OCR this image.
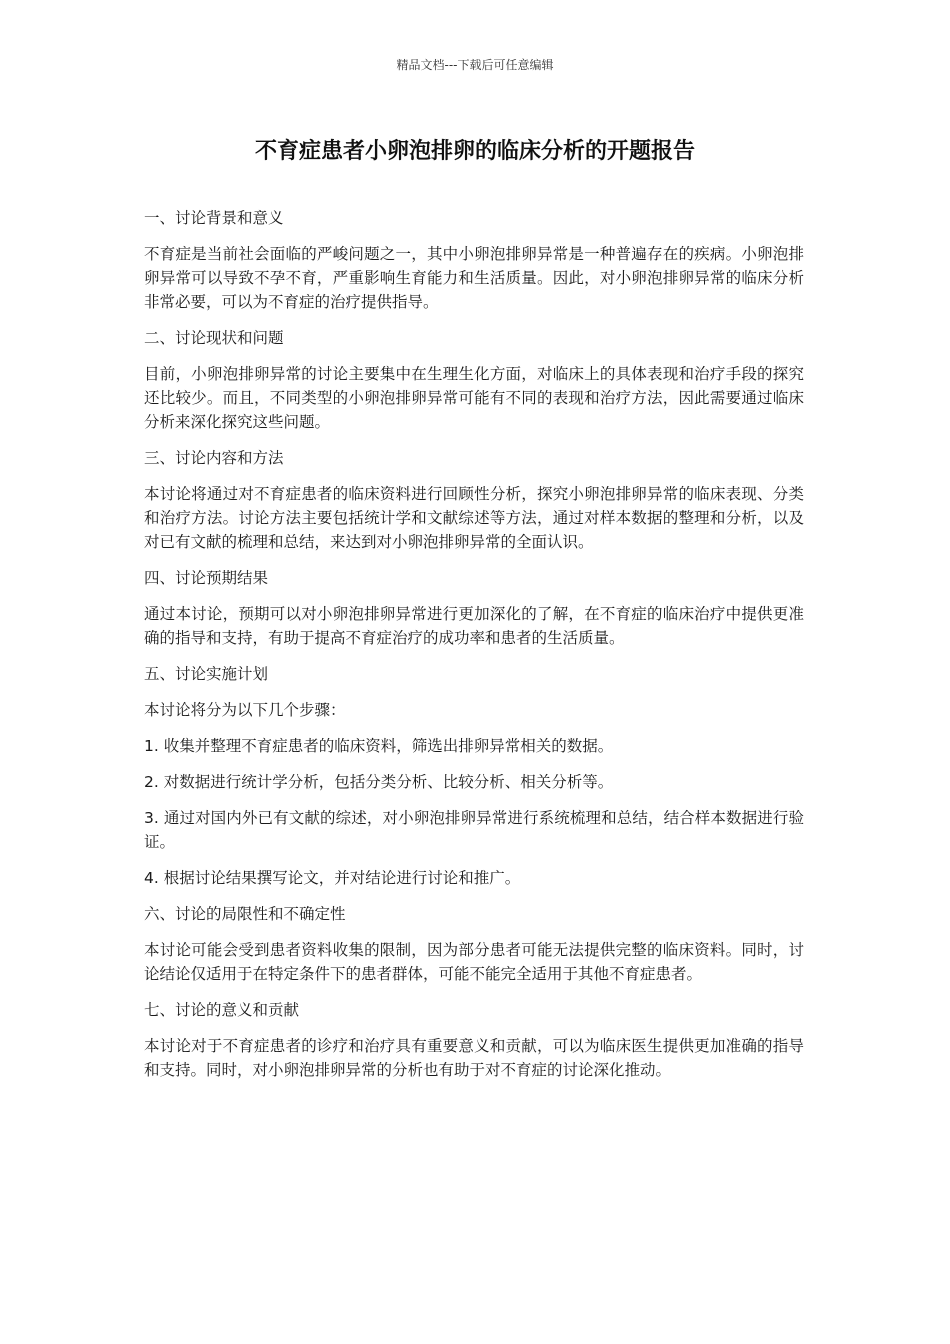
精品文档---下载后可任意编辑
不育症患者小卵泡排卵的临床分析的开题报告

一、讨论背景和意义

不育症是当前社会面临的严峻问题之一，其中小卵泡排卵异常是一种普遍存在的疾病。小卵泡排卵异常可以导致不孕不育，严重影响生育能力和生活质量。因此，对小卵泡排卵异常的临床分析非常必要，可以为不育症的治疗提供指导。

二、讨论现状和问题

目前，小卵泡排卵异常的讨论主要集中在生理生化方面，对临床上的具体表现和治疗手段的探究还比较少。而且，不同类型的小卵泡排卵异常可能有不同的表现和治疗方法，因此需要通过临床分析来深化探究这些问题。

三、讨论内容和方法

本讨论将通过对不育症患者的临床资料进行回顾性分析，探究小卵泡排卵异常的临床表现、分类和治疗方法。讨论方法主要包括统计学和文献综述等方法，通过对样本数据的整理和分析，以及对已有文献的梳理和总结，来达到对小卵泡排卵异常的全面认识。

四、讨论预期结果

通过本讨论，预期可以对小卵泡排卵异常进行更加深化的了解，在不育症的临床治疗中提供更准确的指导和支持，有助于提高不育症治疗的成功率和患者的生活质量。

五、讨论实施计划

本讨论将分为以下几个步骤：

1. 收集并整理不育症患者的临床资料，筛选出排卵异常相关的数据。

2. 对数据进行统计学分析，包括分类分析、比较分析、相关分析等。

3. 通过对国内外已有文献的综述，对小卵泡排卵异常进行系统梳理和总结，结合样本数据进行验证。

4. 根据讨论结果撰写论文，并对结论进行讨论和推广。

六、讨论的局限性和不确定性

本讨论可能会受到患者资料收集的限制，因为部分患者可能无法提供完整的临床资料。同时，讨论结论仅适用于在特定条件下的患者群体，可能不能完全适用于其他不育症患者。

七、讨论的意义和贡献

本讨论对于不育症患者的诊疗和治疗具有重要意义和贡献，可以为临床医生提供更加准确的指导和支持。同时，对小卵泡排卵异常的分析也有助于对不育症的讨论深化推动。
